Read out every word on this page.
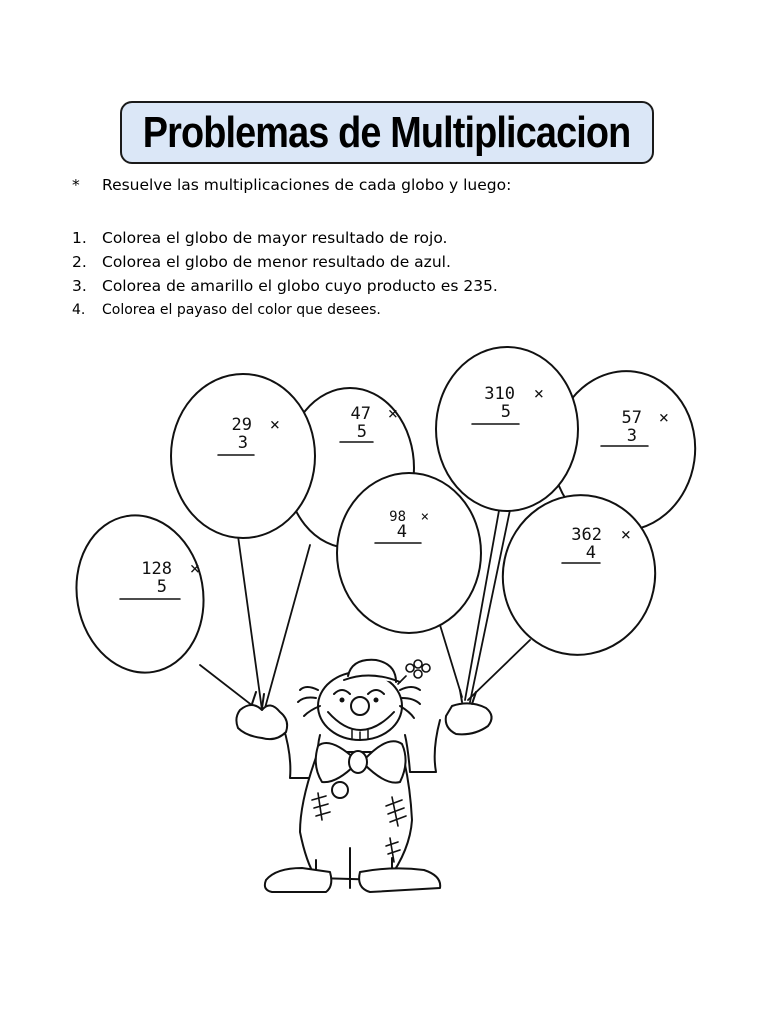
Problemas de Multiplicacion
* Resuelve las multiplicaciones de cada globo y luego:
1. Colorea el globo de mayor resultado de rojo.
2. Colorea el globo de menor resultado de azul.
3. Colorea de amarillo el globo cuyo producto es 235.
4. Colorea el payaso del color que desees.
47 ×
5
57 ×
3
29 ×
3
310 ×
5
128 ×
5
98 ×
4	362 ×
4
